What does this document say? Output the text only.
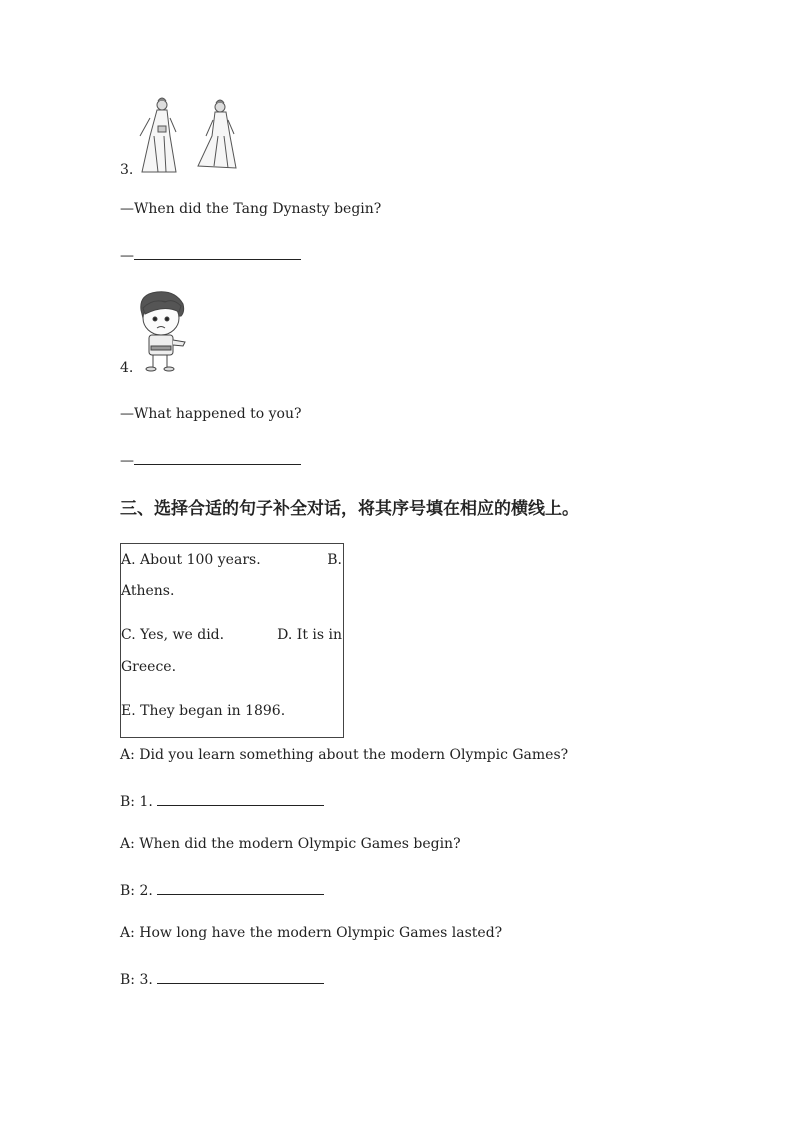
3.
—When did the Tang Dynasty begin?
—
4.
—What happened to you?
—
三、选择合适的句子补全对话，将其序号填在相应的横线上。
A. About 100 years.	B.
Athens.
C. Yes, we did.	D. It is in
Greece.
E. They began in 1896.
A: Did you learn something about the modern Olympic Games?
B: 1.
A: When did the modern Olympic Games begin?
B: 2.
A: How long have the modern Olympic Games lasted?
B: 3.
